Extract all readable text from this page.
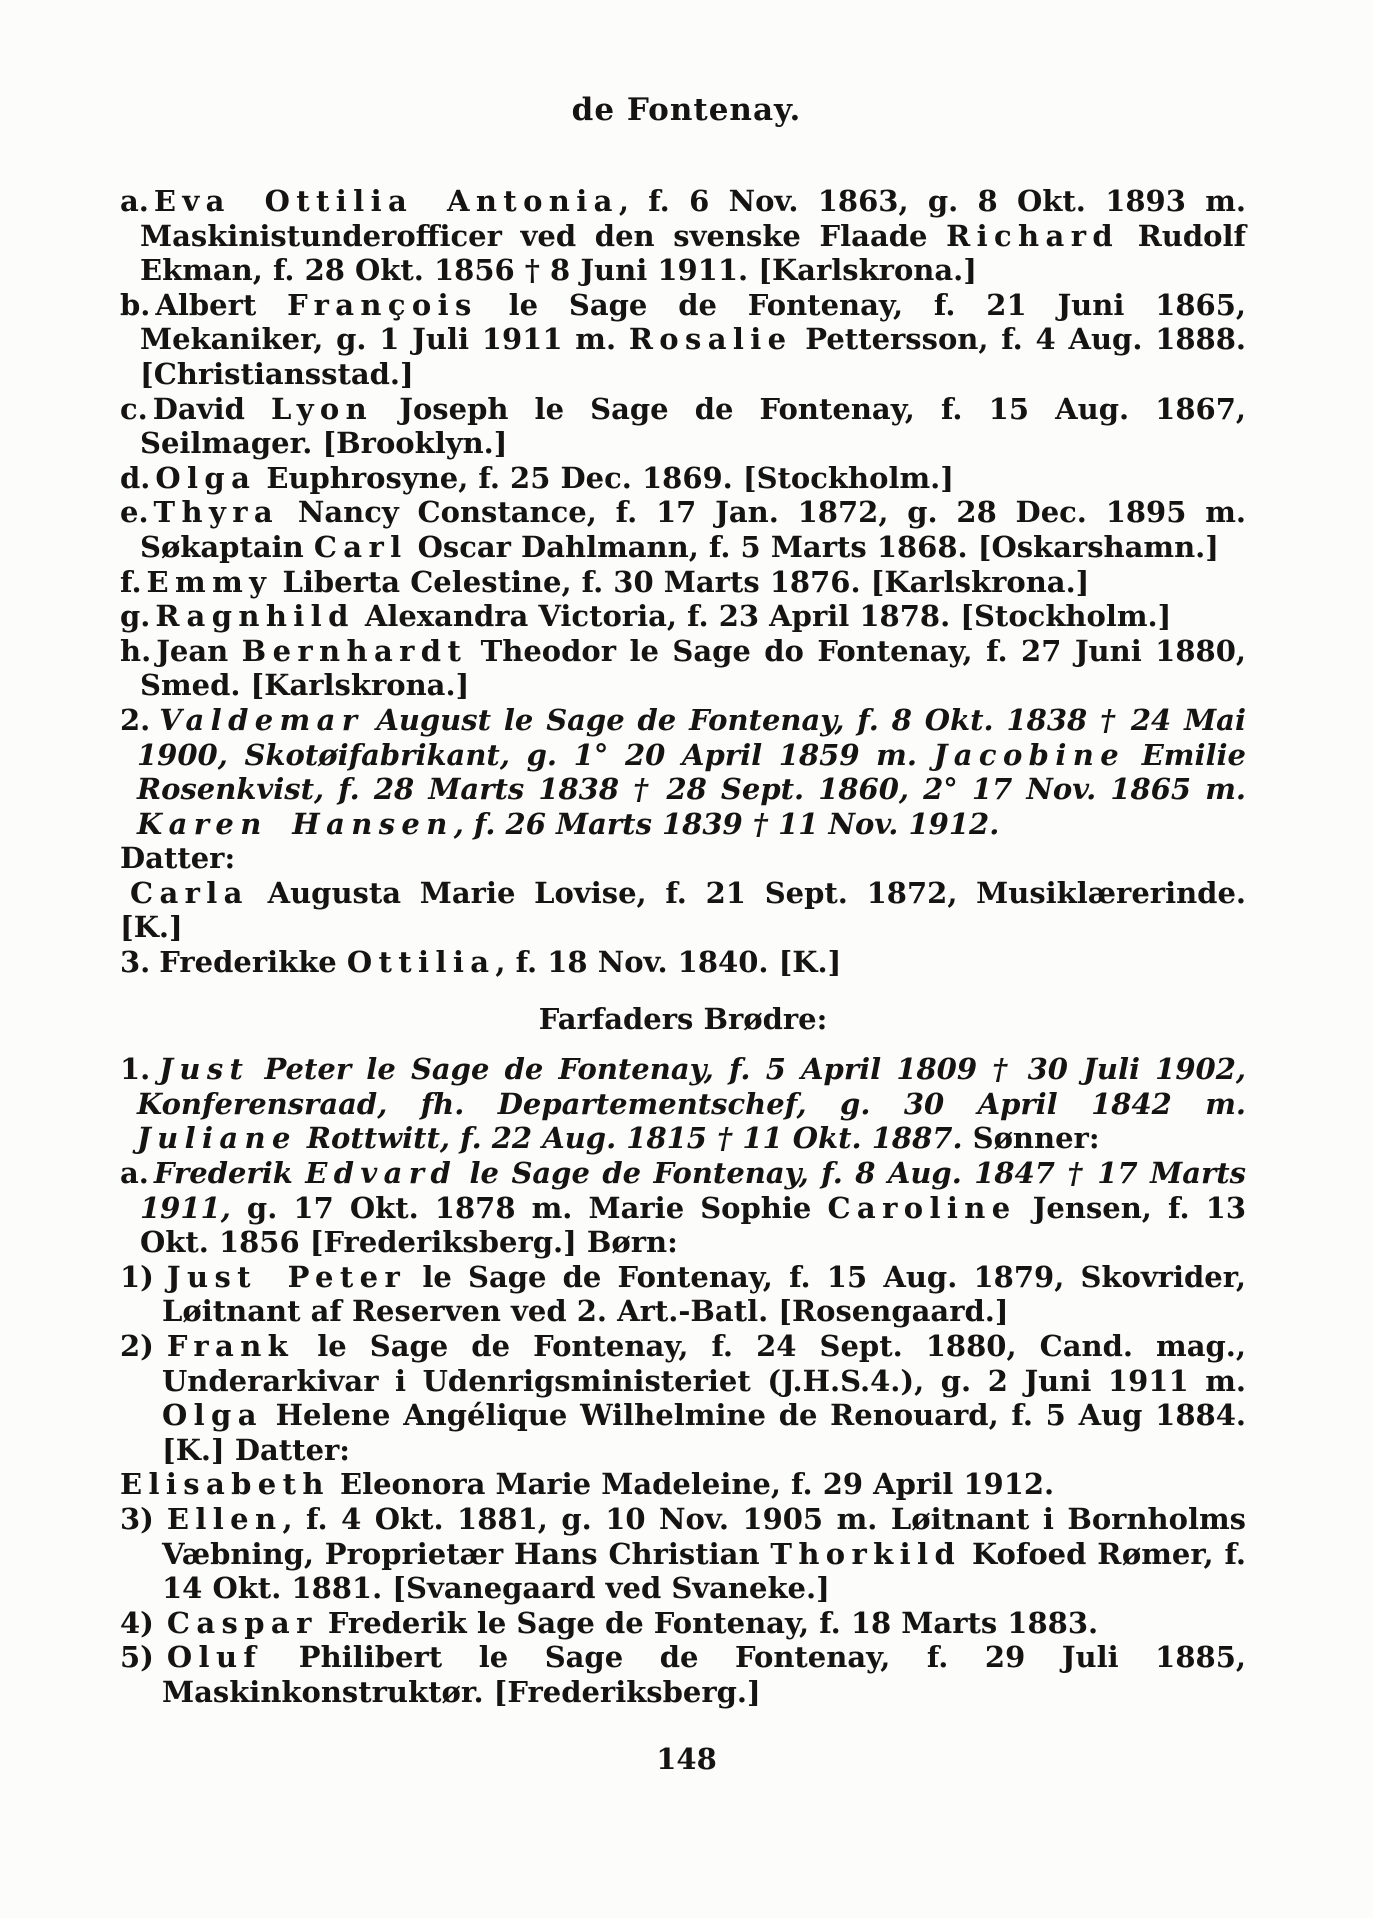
de Fontenay.

a. Eva Ottilia Antonia, f. 6 Nov. 1863, g. 8 Okt. 1893 m. Maskinistunderofficer ved den svenske Flaade Richard Rudolf Ekman, f. 28 Okt. 1856 † 8 Juni 1911. [Karlskrona.]

b. Albert François le Sage de Fontenay, f. 21 Juni 1865, Mekaniker, g. 1 Juli 1911 m. Rosalie Pettersson, f. 4 Aug. 1888. [Christiansstad.]

c. David Lyon Joseph le Sage de Fontenay, f. 15 Aug. 1867, Seilmager. [Brooklyn.]

d. Olga Euphrosyne, f. 25 Dec. 1869. [Stockholm.]

e. Thyra Nancy Constance, f. 17 Jan. 1872, g. 28 Dec. 1895 m. Søkaptain Carl Oscar Dahlmann, f. 5 Marts 1868. [Oskarshamn.]

f. Emmy Liberta Celestine, f. 30 Marts 1876. [Karlskrona.]

g. Ragnhild Alexandra Victoria, f. 23 April 1878. [Stockholm.]

h. Jean Bernhardt Theodor le Sage do Fontenay, f. 27 Juni 1880, Smed. [Karlskrona.]

2. Valdemar August le Sage de Fontenay, f. 8 Okt. 1838 † 24 Mai 1900, Skotøifabrikant, g. 1° 20 April 1859 m. Jacobine Emilie Rosenkvist, f. 28 Marts 1838 † 28 Sept. 1860, 2° 17 Nov. 1865 m. Karen Hansen, f. 26 Marts 1839 † 11 Nov. 1912.

Datter:

Carla Augusta Marie Lovise, f. 21 Sept. 1872, Musiklærerinde. [K.]

3. Frederikke Ottilia, f. 18 Nov. 1840. [K.]

Farfaders Brødre:

1. Just Peter le Sage de Fontenay, f. 5 April 1809 † 30 Juli 1902, Konferensraad, fh. Departementschef, g. 30 April 1842 m. Juliane Rottwitt, f. 22 Aug. 1815 † 11 Okt. 1887. Sønner:

a. Frederik Edvard le Sage de Fontenay, f. 8 Aug. 1847 † 17 Marts 1911, g. 17 Okt. 1878 m. Marie Sophie Caroline Jensen, f. 13 Okt. 1856 [Frederiksberg.] Børn:

1) Just Peter le Sage de Fontenay, f. 15 Aug. 1879, Skovrider, Løitnant af Reserven ved 2. Art.-Batl. [Rosengaard.]

2) Frank le Sage de Fontenay, f. 24 Sept. 1880, Cand. mag., Underarkivar i Udenrigsministeriet (J.H.S.4.), g. 2 Juni 1911 m. Olga Helene Angélique Wilhelmine de Renouard, f. 5 Aug 1884. [K.] Datter:

Elisabeth Eleonora Marie Madeleine, f. 29 April 1912.

3) Ellen, f. 4 Okt. 1881, g. 10 Nov. 1905 m. Løitnant i Bornholms Væbning, Proprietær Hans Christian Thorkild Kofoed Rømer, f. 14 Okt. 1881. [Svanegaard ved Svaneke.]

4) Caspar Frederik le Sage de Fontenay, f. 18 Marts 1883.

5) Oluf Philibert le Sage de Fontenay, f. 29 Juli 1885, Maskinkonstruktør. [Frederiksberg.]

148
